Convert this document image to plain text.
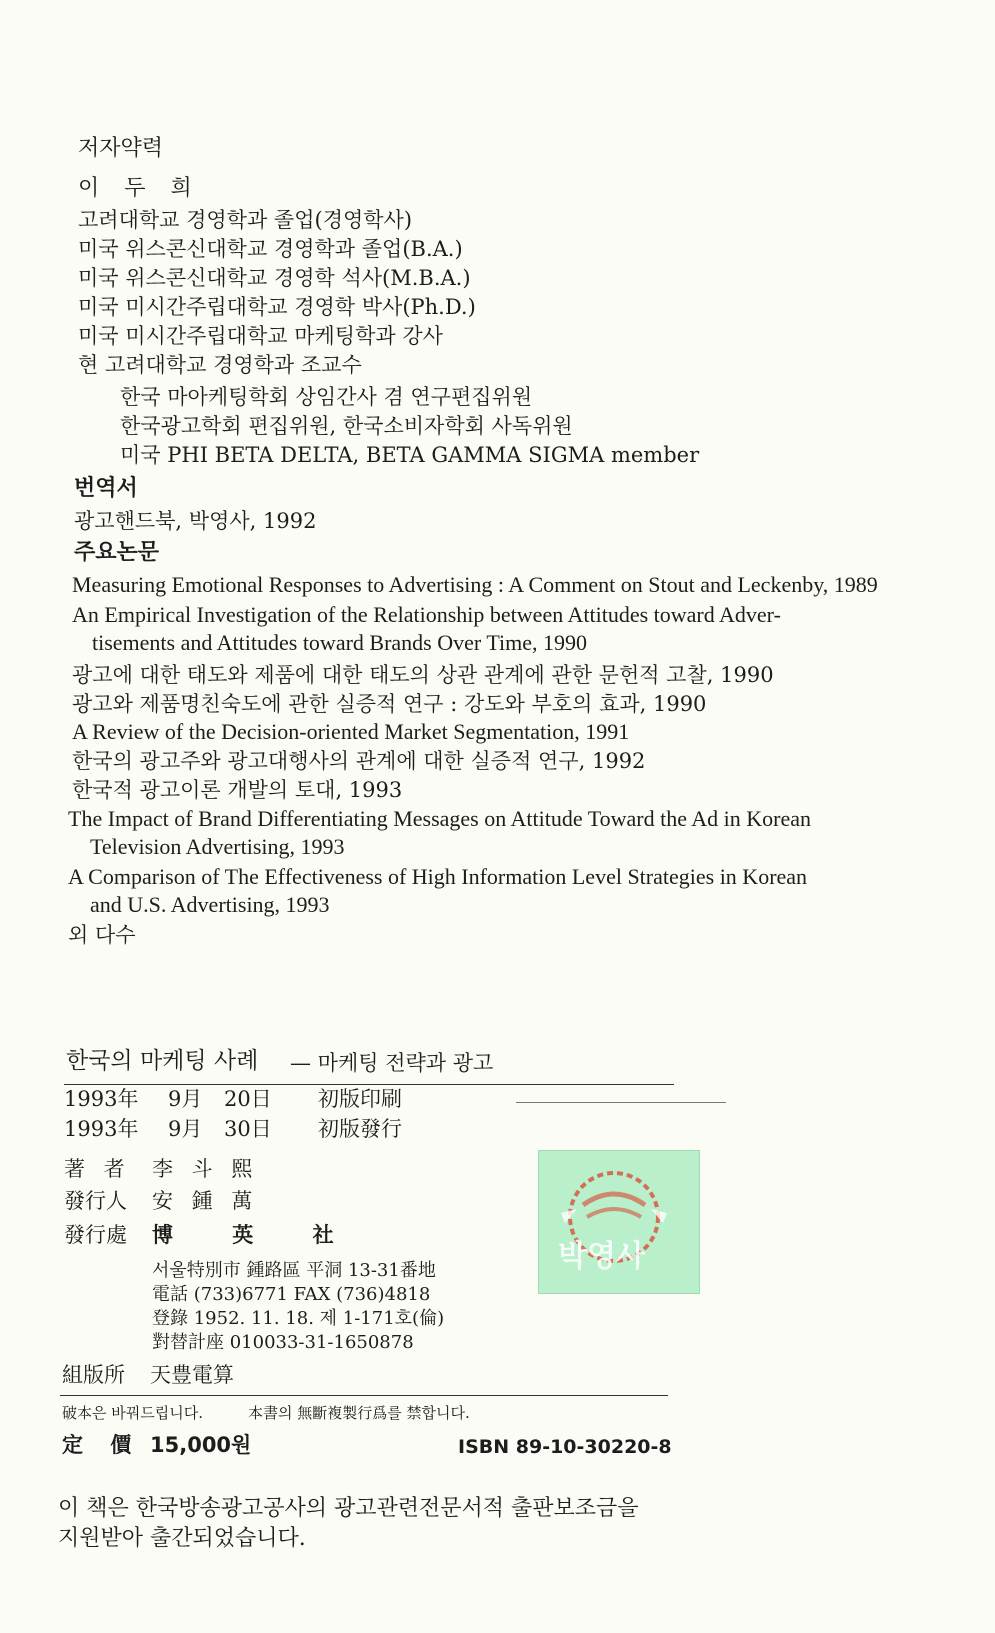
저자약력
이 두 희
고려대학교 경영학과 졸업(경영학사)
미국 위스콘신대학교 경영학과 졸업(B.A.)
미국 위스콘신대학교 경영학 석사(M.B.A.)
미국 미시간주립대학교 경영학 박사(Ph.D.)
미국 미시간주립대학교 마케팅학과 강사
현 고려대학교 경영학과 조교수
한국 마아케팅학회 상임간사 겸 연구편집위원
한국광고학회 편집위원, 한국소비자학회 사독위원
미국 PHI BETA DELTA, BETA GAMMA SIGMA member
번역서
광고핸드북, 박영사, 1992
주요논문
Measuring Emotional Responses to Advertising : A Comment on Stout and Leckenby, 1989
An Empirical Investigation of the Relationship between Attitudes toward Adver-
tisements and Attitudes toward Brands Over Time, 1990
광고에 대한 태도와 제품에 대한 태도의 상관 관계에 관한 문헌적 고찰, 1990
광고와 제품명친숙도에 관한 실증적 연구 : 강도와 부호의 효과, 1990
A Review of the Decision-oriented Market Segmentation, 1991
한국의 광고주와 광고대행사의 관계에 대한 실증적 연구, 1992
한국적 광고이론 개발의 토대, 1993
The Impact of Brand Differentiating Messages on Attitude Toward the Ad in Korean
Television Advertising, 1993
A Comparison of The Effectiveness of High Information Level Strategies in Korean
and U.S. Advertising, 1993
외 다수
한국의 마케팅 사례 — 마케팅 전략과 광고
1993年 9月 20日 初版印刷
1993年 9月 30日 初版發行
著 者 李 斗 熙
發行人 安 鍾 萬
發行處 博 英 社
서울特別市 鍾路區 平洞 13-31番地
電話 (733)6771 FAX (736)4818
登錄 1952. 11. 18. 제 1-171호(倫)
對替計座 010033-31-1650878
組版所 天豊電算
破本은 바꿔드립니다.	本書의 無斷複製行爲를 禁합니다.
定 價 15,000원	ISBN 89-10-30220-8
박영사
이 책은 한국방송광고공사의 광고관련전문서적 출판보조금을
지원받아 출간되었습니다.
